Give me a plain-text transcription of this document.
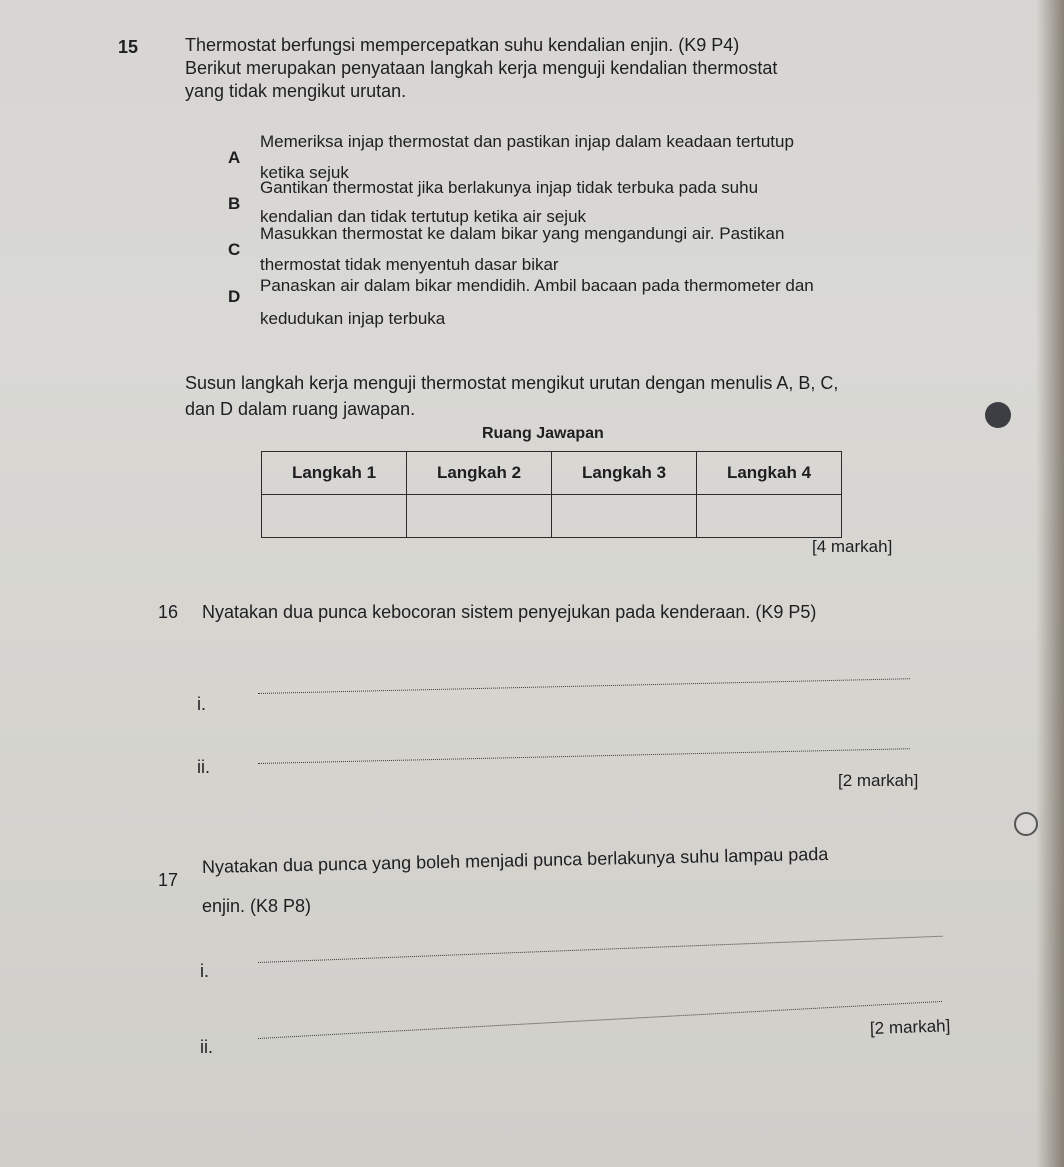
15	Thermostat berfungsi mempercepatkan suhu kendalian enjin. (K9 P4)
Berikut merupakan penyataan langkah kerja menguji kendalian thermostat
yang tidak mengikut urutan.
A
Memeriksa injap thermostat dan pastikan injap dalam keadaan tertutup
ketika sejuk
B
Gantikan thermostat jika berlakunya injap tidak terbuka pada suhu
kendalian dan tidak tertutup ketika air sejuk
C
Masukkan thermostat ke dalam bikar yang mengandungi air. Pastikan
thermostat tidak menyentuh dasar bikar
D
Panaskan air dalam bikar mendidih. Ambil bacaan pada thermometer dan
kedudukan injap terbuka
Susun langkah kerja menguji thermostat mengikut urutan dengan menulis A, B, C,
dan D dalam ruang jawapan.
Ruang Jawapan
Langkah 1	Langkah 2	Langkah 3	Langkah 4

[4 markah]
16 Nyatakan dua punca kebocoran sistem penyejukan pada kenderaan. (K9 P5)
i.
ii.
[2 markah]
17
Nyatakan dua punca yang boleh menjadi punca berlakunya suhu lampau pada
enjin. (K8 P8)
i.
ii.
[2 markah]
